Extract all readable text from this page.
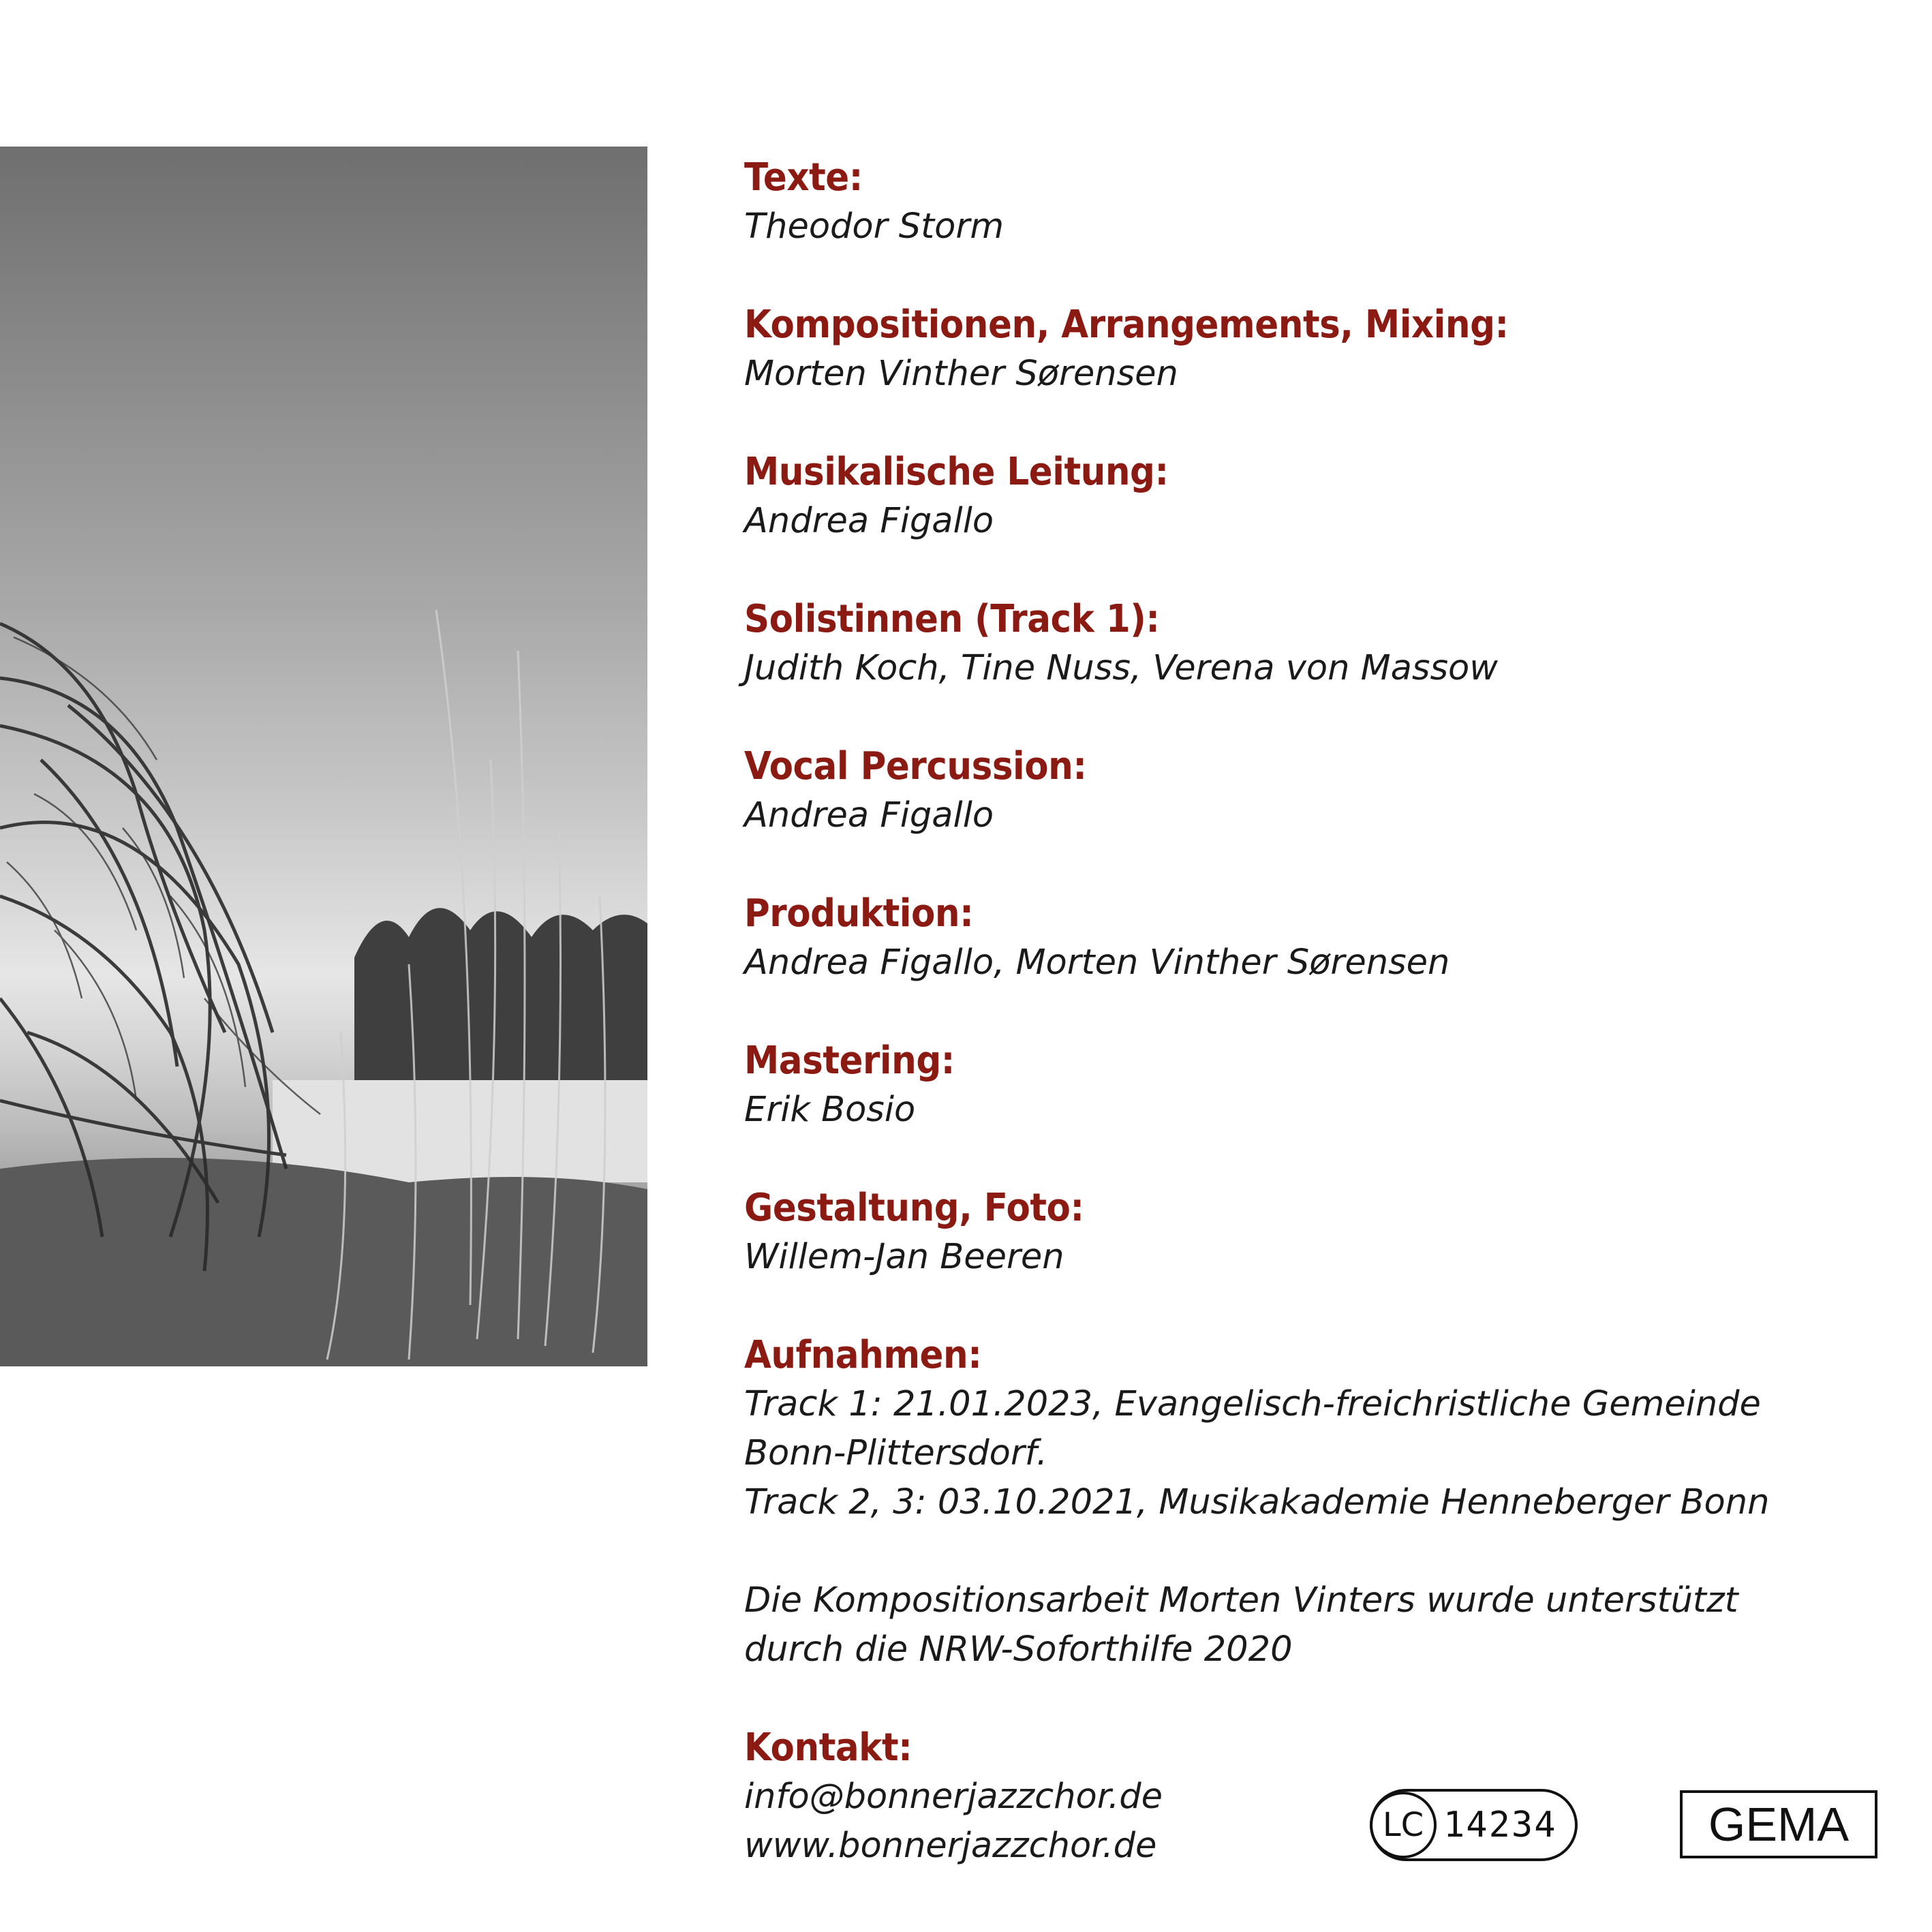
Texte:
Theodor Storm
Kompositionen, Arrangements, Mixing:
Morten Vinther Sørensen
Musikalische Leitung:
Andrea Figallo
Solistinnen (Track 1):
Judith Koch, Tine Nuss, Verena von Massow
Vocal Percussion:
Andrea Figallo
Produktion:
Andrea Figallo, Morten Vinther Sørensen
Mastering:
Erik Bosio
Gestaltung, Foto:
Willem-Jan Beeren
Aufnahmen:
Track 1: 21.01.2023, Evangelisch-freichristliche Gemeinde
Bonn-Plittersdorf.
Track 2, 3: 03.10.2021, Musikakademie Henneberger Bonn
Die Kompositionsarbeit Morten Vinters wurde unterstützt
durch die NRW-Soforthilfe 2020
Kontakt:
info@bonnerjazzchor.de
www.bonnerjazzchor.de
LC 14234	GEMA
